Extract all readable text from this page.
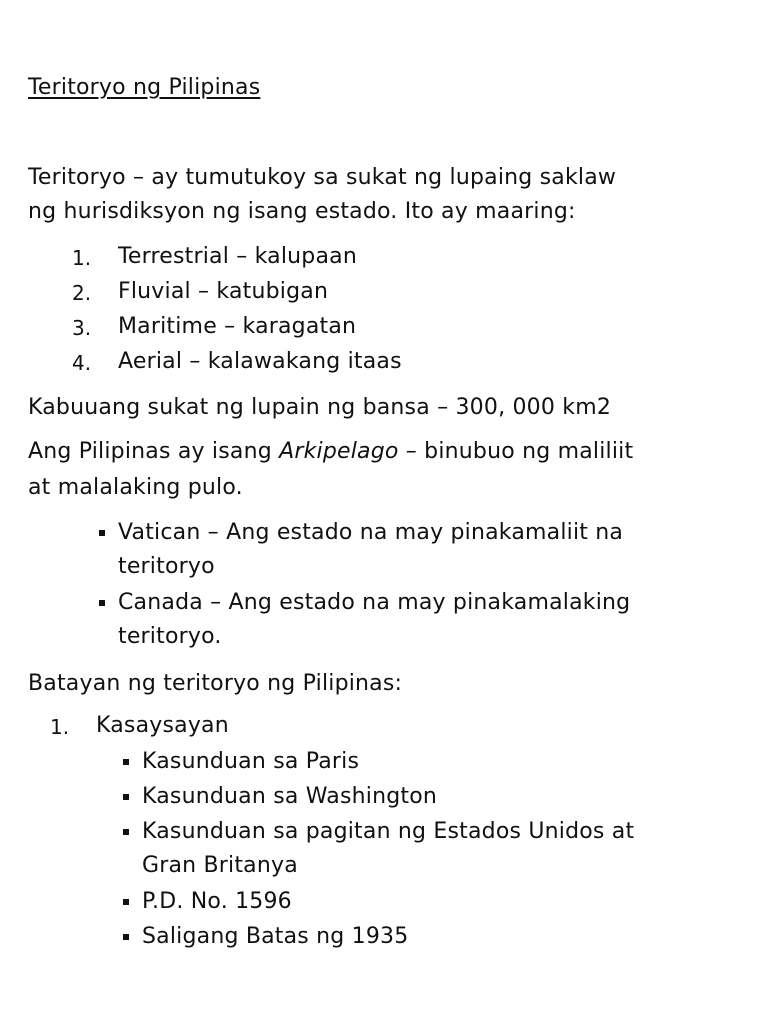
Teritoryo ng Pilipinas
Teritoryo – ay tumutukoy sa sukat ng lupaing saklaw
ng hurisdiksyon ng isang estado. Ito ay maaring:
1. Terrestrial – kalupaan
2. Fluvial – katubigan
3. Maritime – karagatan
4. Aerial – kalawakang itaas
Kabuuang sukat ng lupain ng bansa – 300, 000 km2
Ang Pilipinas ay isang Arkipelago – binubuo ng maliliit
at malalaking pulo.
Vatican – Ang estado na may pinakamaliit na
teritoryo
Canada – Ang estado na may pinakamalaking
teritoryo.
Batayan ng teritoryo ng Pilipinas:
1. Kasaysayan
Kasunduan sa Paris
Kasunduan sa Washington
Kasunduan sa pagitan ng Estados Unidos at
Gran Britanya
P.D. No. 1596
Saligang Batas ng 1935
